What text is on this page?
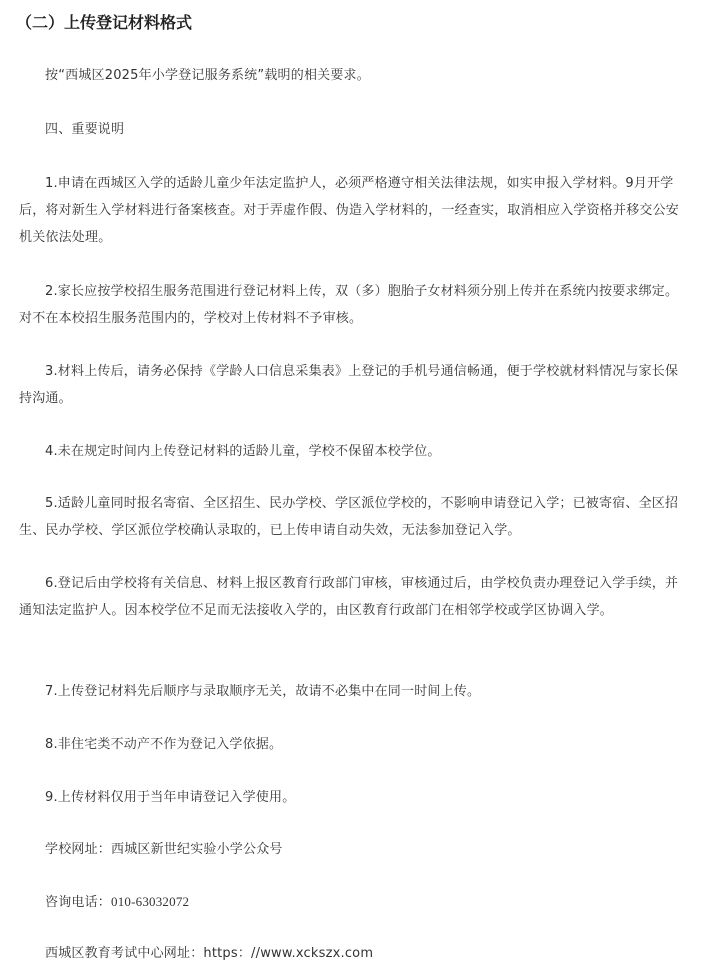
（二）上传登记材料格式

按“西城区2025年小学登记服务系统”载明的相关要求。

四、重要说明

1.申请在西城区入学的适龄儿童少年法定监护人，必须严格遵守相关法律法规，如实申报入学材料。9月开学后，将对新生入学材料进行备案核查。对于弄虚作假、伪造入学材料的，一经查实，取消相应入学资格并移交公安机关依法处理。

2.家长应按学校招生服务范围进行登记材料上传，双（多）胞胎子女材料须分别上传并在系统内按要求绑定。对不在本校招生服务范围内的，学校对上传材料不予审核。

3.材料上传后，请务必保持《学龄人口信息采集表》上登记的手机号通信畅通，便于学校就材料情况与家长保持沟通。

4.未在规定时间内上传登记材料的适龄儿童，学校不保留本校学位。

5.适龄儿童同时报名寄宿、全区招生、民办学校、学区派位学校的，不影响申请登记入学；已被寄宿、全区招生、民办学校、学区派位学校确认录取的，已上传申请自动失效，无法参加登记入学。

6.登记后由学校将有关信息、材料上报区教育行政部门审核，审核通过后，由学校负责办理登记入学手续，并通知法定监护人。因本校学位不足而无法接收入学的，由区教育行政部门在相邻学校或学区协调入学。

7.上传登记材料先后顺序与录取顺序无关，故请不必集中在同一时间上传。

8.非住宅类不动产不作为登记入学依据。

9.上传材料仅用于当年申请登记入学使用。

学校网址：西城区新世纪实验小学公众号

咨询电话：010-63032072

西城区教育考试中心网址：https：//www.xckszx.com
